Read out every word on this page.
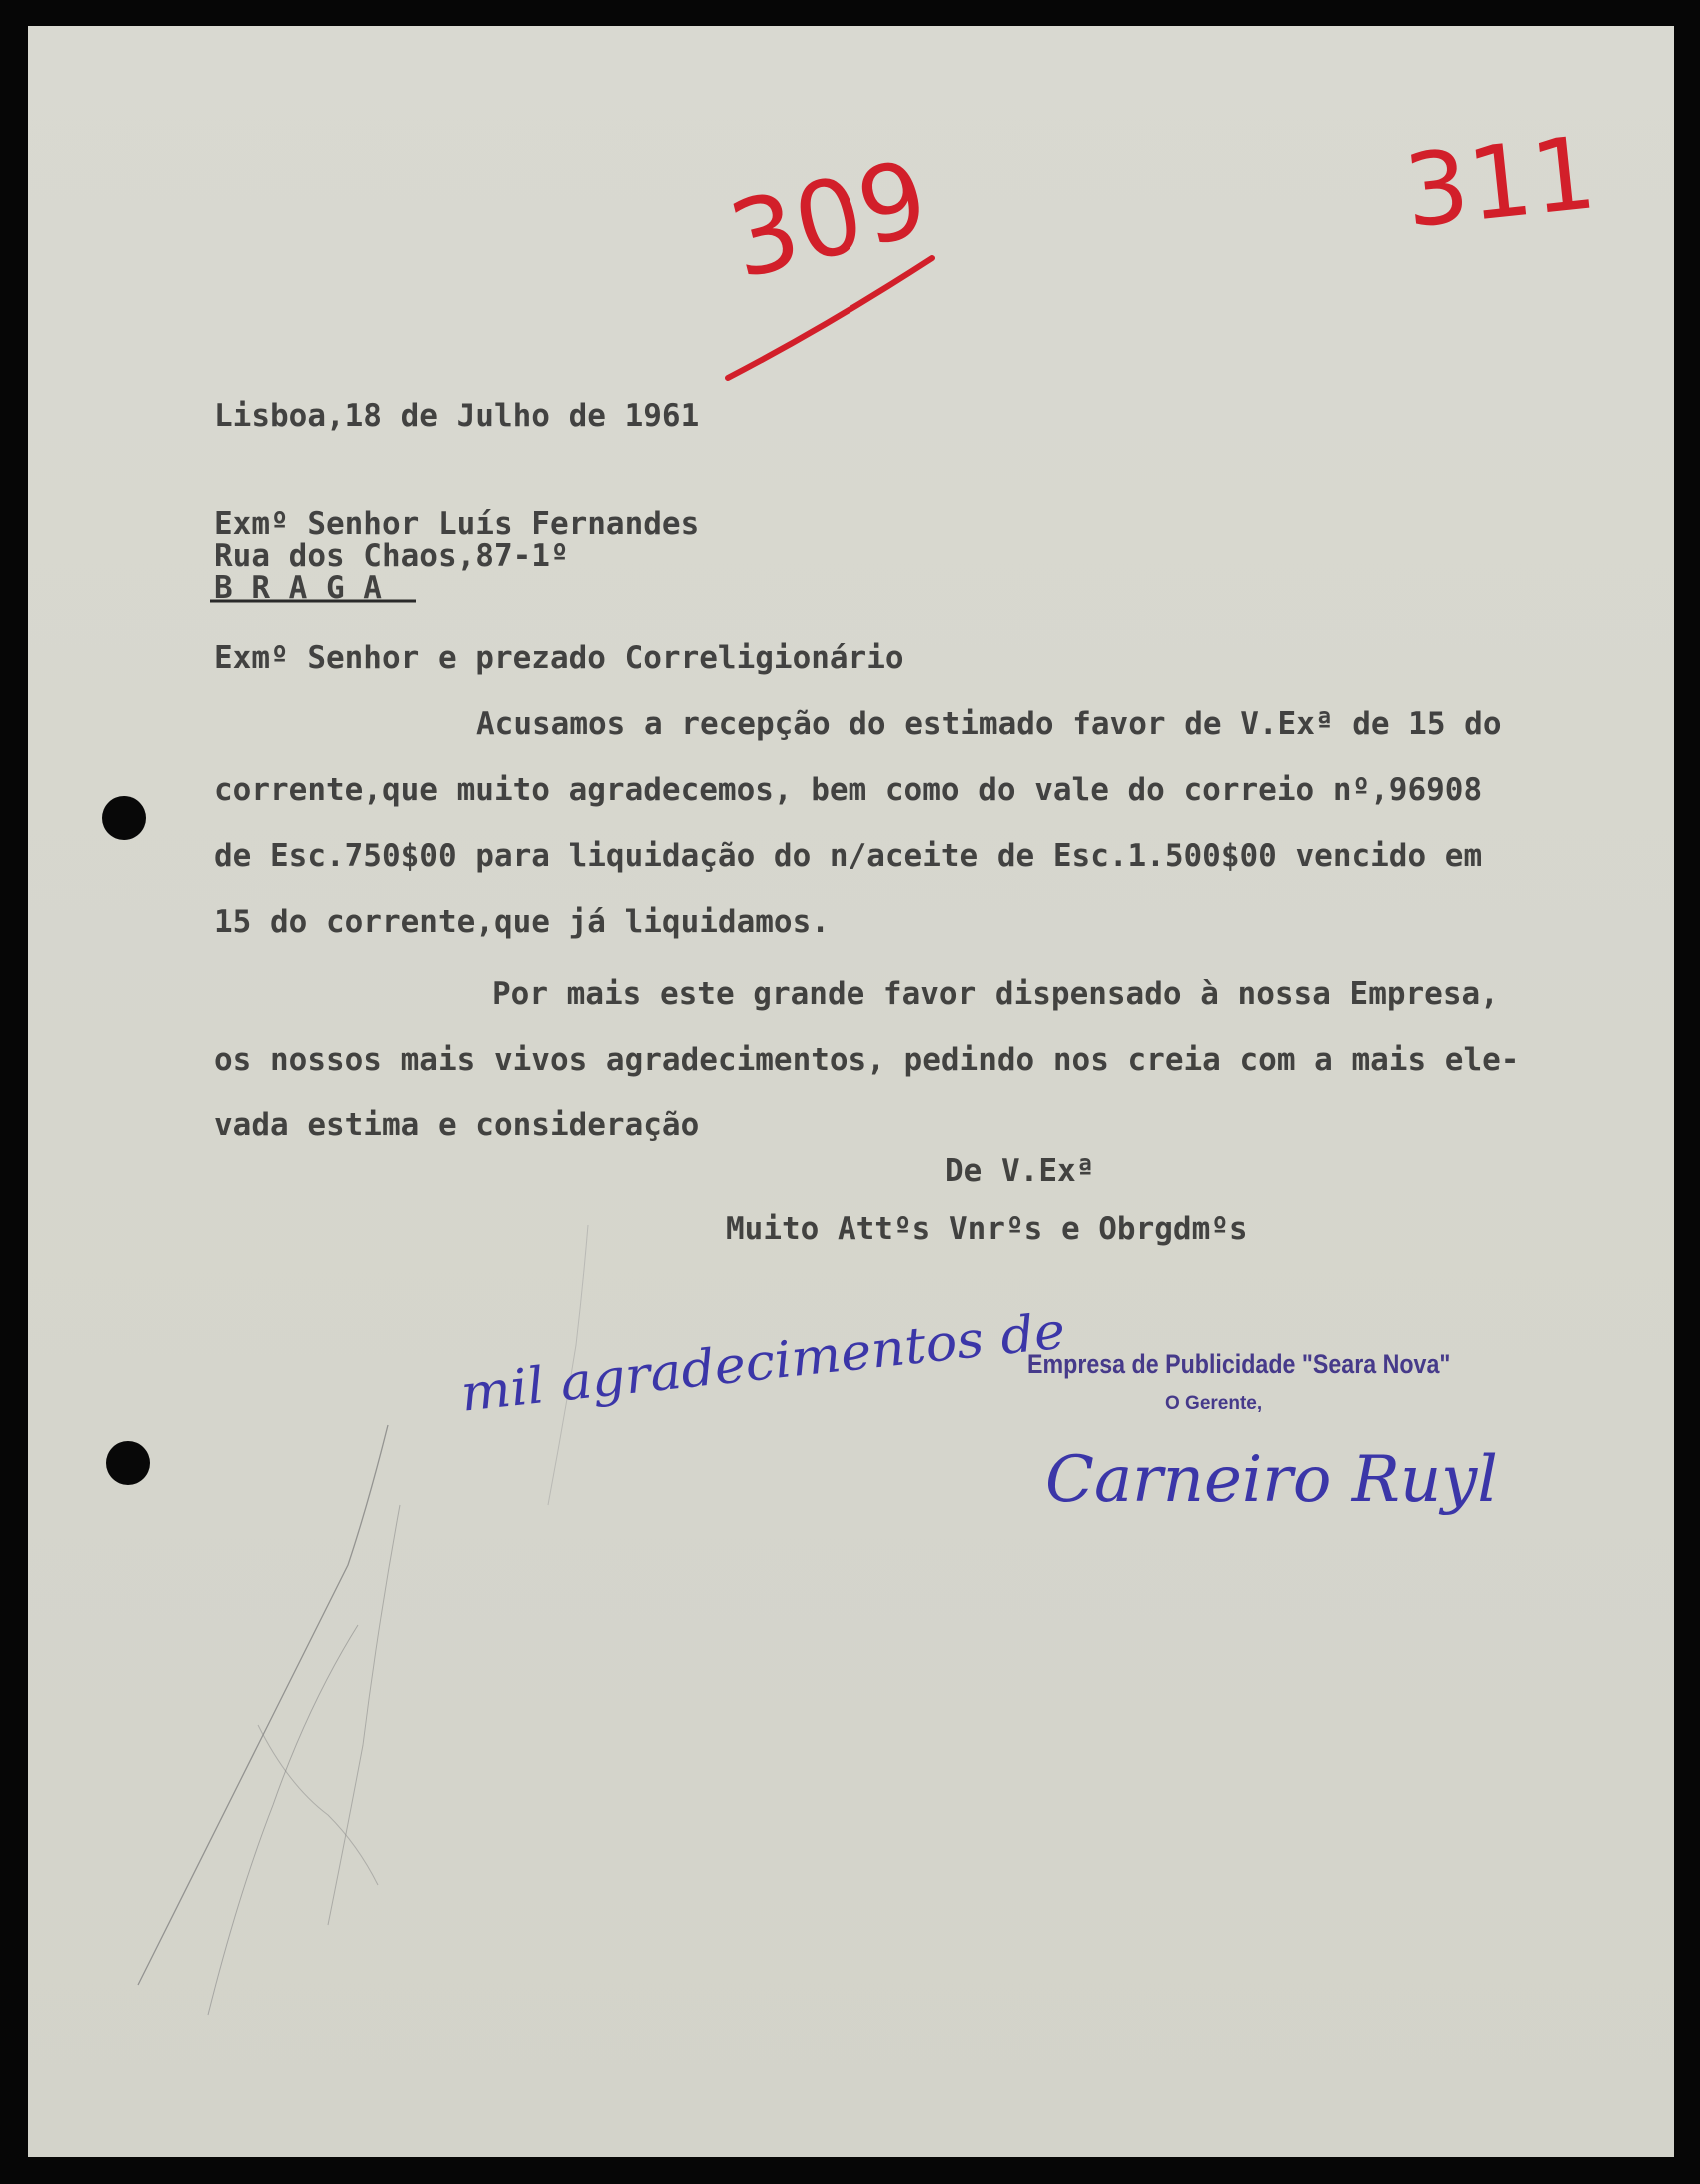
309	311
Lisboa,18 de Julho de 1961
Exmº Senhor Luís Fernandes
Rua dos Chaos,87-1º
B R A G A
Exmº Senhor e prezado Correligionário
Acusamos a recepção do estimado favor de V.Exª de 15 do
corrente,que muito agradecemos, bem como do vale do correio nº,96908
de Esc.750$00 para liquidação do n/aceite de Esc.1.500$00 vencido em
15 do corrente,que já liquidamos.
Por mais este grande favor dispensado à nossa Empresa,
os nossos mais vivos agradecimentos, pedindo nos creia com a mais ele-
vada estima e consideração
De V.Exª
Muito Attºs Vnrºs e Obrgdmºs
Empresa de Publicidade "Seara Nova"
O Gerente,
mil agradecimentos de
Carneiro Ruyl
